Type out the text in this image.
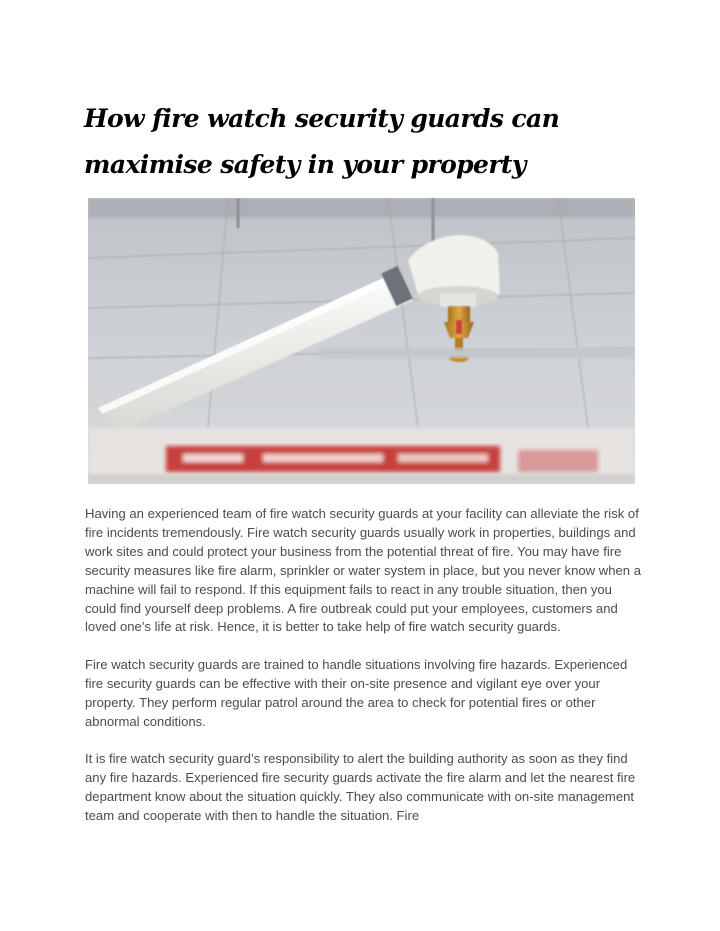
How fire watch security guards can maximise safety in your property

Having an experienced team of fire watch security guards at your facility can alleviate the risk of fire incidents tremendously. Fire watch security guards usually work in properties, buildings and work sites and could protect your business from the potential threat of fire. You may have fire security measures like fire alarm, sprinkler or water system in place, but you never know when a machine will fail to respond. If this equipment fails to react in any trouble situation, then you could find yourself deep problems. A fire outbreak could put your employees, customers and loved one’s life at risk. Hence, it is better to take help of fire watch security guards.

Fire watch security guards are trained to handle situations involving fire hazards. Experienced fire security guards can be effective with their on-site presence and vigilant eye over your property. They perform regular patrol around the area to check for potential fires or other abnormal conditions.

It is fire watch security guard’s responsibility to alert the building authority as soon as they find any fire hazards. Experienced fire security guards activate the fire alarm and let the nearest fire department know about the situation quickly. They also communicate with on-site management team and cooperate with then to handle the situation. Fire
